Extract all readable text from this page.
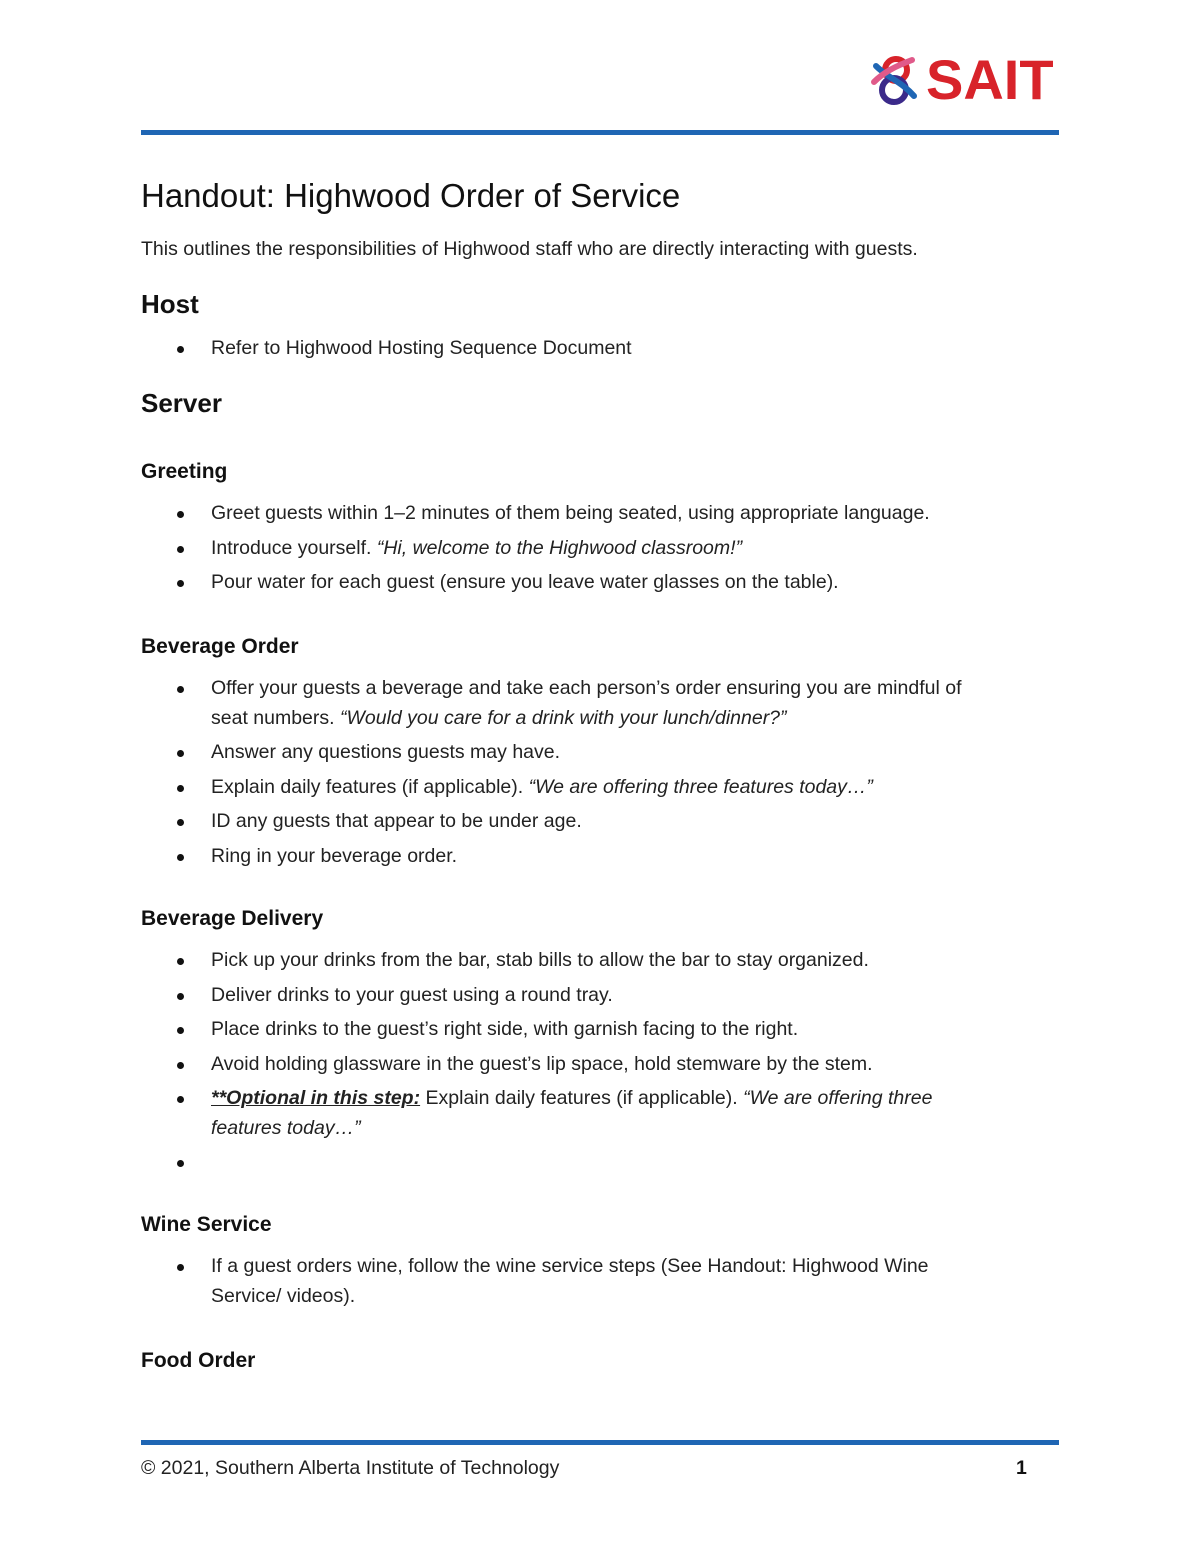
SAIT
Handout: Highwood Order of Service
This outlines the responsibilities of Highwood staff who are directly interacting with guests.
Host
Refer to Highwood Hosting Sequence Document
Server
Greeting
Greet guests within 1–2 minutes of them being seated, using appropriate language.
Introduce yourself. “Hi, welcome to the Highwood classroom!”
Pour water for each guest (ensure you leave water glasses on the table).
Beverage Order
Offer your guests a beverage and take each person’s order ensuring you are mindful of
seat numbers. “Would you care for a drink with your lunch/dinner?”
Answer any questions guests may have.
Explain daily features (if applicable). “We are offering three features today…”
ID any guests that appear to be under age.
Ring in your beverage order.
Beverage Delivery
Pick up your drinks from the bar, stab bills to allow the bar to stay organized.
Deliver drinks to your guest using a round tray.
Place drinks to the guest’s right side, with garnish facing to the right.
Avoid holding glassware in the guest’s lip space, hold stemware by the stem.
**Optional in this step: Explain daily features (if applicable). “We are offering three
features today…”

Wine Service
If a guest orders wine, follow the wine service steps (See Handout: Highwood Wine
Service/ videos).
Food Order
© 2021, Southern Alberta Institute of Technology	1
